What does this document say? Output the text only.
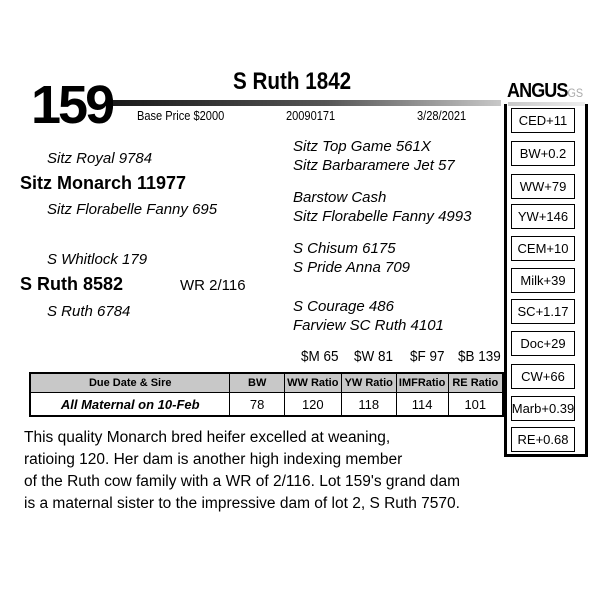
159	S Ruth 1842	ANGUSGS
Base Price $2000	20090171	3/28/2021
Sitz Royal 9784
Sitz Monarch 11977
Sitz Florabelle Fanny 695
S Whitlock 179
S Ruth 8582	WR 2/116
S Ruth 6784
Sitz Top Game 561X
Sitz Barbaramere Jet 57
Barstow Cash
Sitz Florabelle Fanny 4993
S Chisum 6175
S Pride Anna 709
S Courage 486
Farview SC Ruth 4101
CED+11
BW+0.2
WW+79
YW+146
CEM+10
Milk+39
SC+1.17
Doc+29
CW+66
Marb+0.39
RE+0.68
$M 65 $W 81 $F 97 $B 139
Due Date & Sire	BW	WW Ratio	YW Ratio	IMFRatio	RE Ratio
All Maternal on 10-Feb	78	120	118	114	101
This quality Monarch bred heifer excelled at weaning,
ratioing 120. Her dam is another high indexing member
of the Ruth cow family with a WR of 2/116. Lot 159's grand dam
is a maternal sister to the impressive dam of lot 2, S Ruth 7570.
